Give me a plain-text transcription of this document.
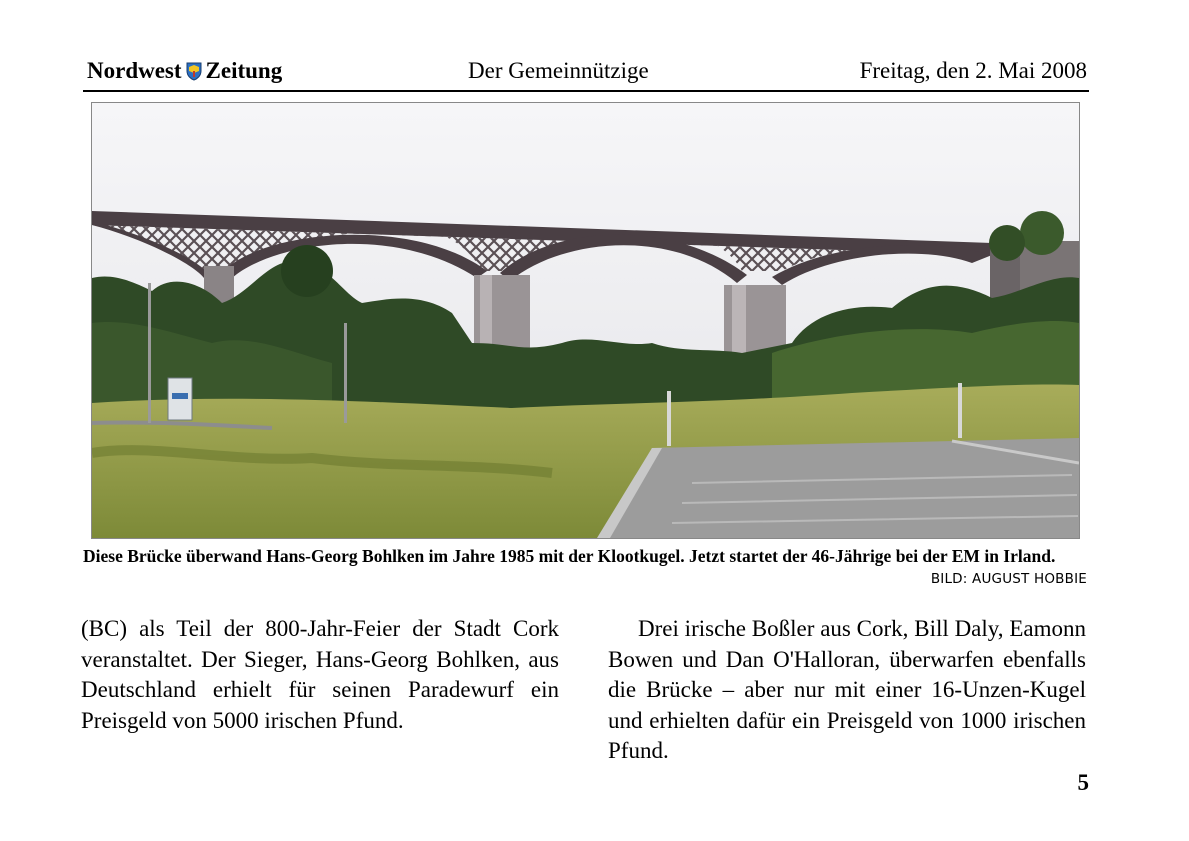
Nordwest Zeitung	Der Gemeinnützige	Freitag, den 2. Mai 2008
Diese Brücke überwand Hans-Georg Bohlken im Jahre 1985 mit der Klootkugel. Jetzt startet der 46-Jährige bei der EM in Irland.
BILD: AUGUST HOBBIE
(BC) als Teil der 800-Jahr-Feier der Stadt Cork veranstaltet. Der Sieger, Hans-Georg Bohlken, aus Deutschland erhielt für seinen Paradewurf ein Preisgeld von 5000 irischen Pfund.
Drei irische Boßler aus Cork, Bill Daly, Eamonn Bowen und Dan O'Halloran, überwarfen ebenfalls die Brücke – aber nur mit einer 16-Unzen-Kugel und erhielten dafür ein Preisgeld von 1000 irischen Pfund.
5
